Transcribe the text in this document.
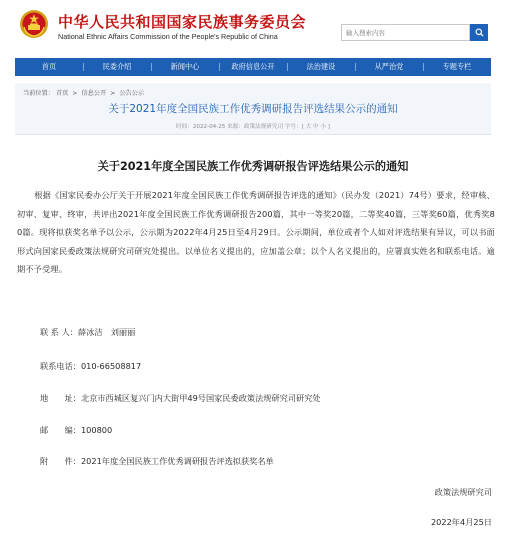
中华人民共和国国家民族事务委员会
National Ethnic Affairs Commission of the People's Republic of China
输入搜索内容
首页	民委介绍	新闻中心	政府信息公开	法治建设	从严治党	专题专栏
当前位置： 首页 > 信息公开 > 公告公示
关于2021年度全国民族工作优秀调研报告评选结果公示的通知
时间：2022-04-25 来源：政策法规研究司 字号：[ 大 中 小 ]
关于2021年度全国民族工作优秀调研报告评选结果公示的通知

根据《国家民委办公厅关于开展2021年度全国民族工作优秀调研报告评选的通知》（民办发（2021）74号）要求，经审核、初审、复审、终审，共评出2021年度全国民族工作优秀调研报告200篇，其中一等奖20篇，二等奖40篇，三等奖60篇，优秀奖80篇。现将拟获奖名单予以公示，公示期为2022年4月25日至4月29日。公示期间，单位或者个人如对评选结果有异议，可以书面形式向国家民委政策法规研究司研究处提出。以单位名义提出的，应加盖公章；以个人名义提出的，应署真实姓名和联系电话。逾期不予受理。

联 系 人：薛冰洁　刘丽丽
联系电话：010-66508817
地　　址：北京市西城区复兴门内大街甲49号国家民委政策法规研究司研究处
邮　　编：100800
附　　件：2021年度全国民族工作优秀调研报告评选拟获奖名单
政策法规研究司
2022年4月25日
